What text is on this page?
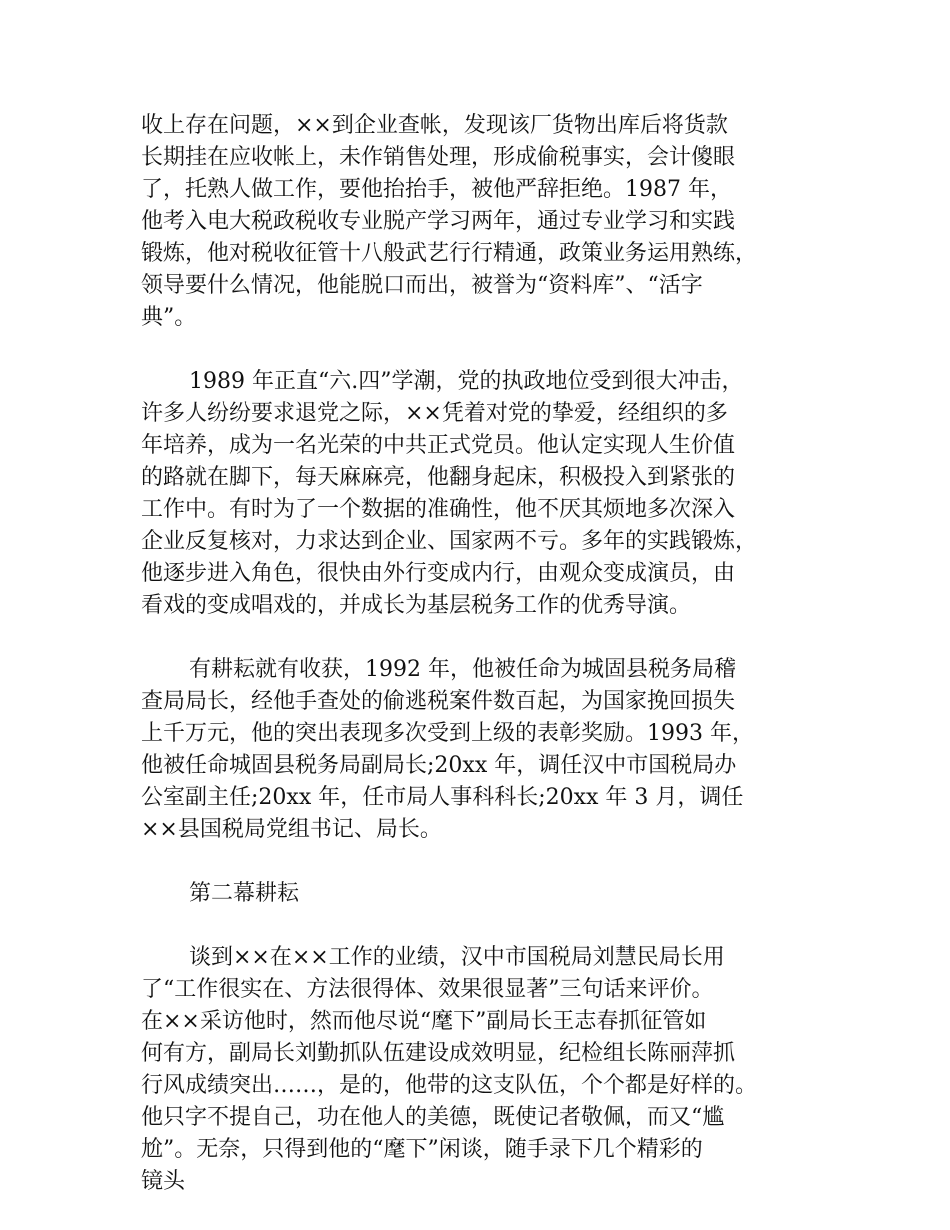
收上存在问题，××到企业查帐，发现该厂货物出库后将货款
长期挂在应收帐上，未作销售处理，形成偷税事实，会计傻眼
了，托熟人做工作，要他抬抬手，被他严辞拒绝。1987 年，
他考入电大税政税收专业脱产学习两年，通过专业学习和实践
锻炼，他对税收征管十八般武艺行行精通，政策业务运用熟练，
领导要什么情况，他能脱口而出，被誉为“资料库”、“活字
典”。
1989 年正直“六.四”学潮，党的执政地位受到很大冲击，
许多人纷纷要求退党之际，××凭着对党的挚爱，经组织的多
年培养，成为一名光荣的中共正式党员。他认定实现人生价值
的路就在脚下，每天麻麻亮，他翻身起床，积极投入到紧张的
工作中。有时为了一个数据的准确性，他不厌其烦地多次深入
企业反复核对，力求达到企业、国家两不亏。多年的实践锻炼，
他逐步进入角色，很快由外行变成内行，由观众变成演员，由
看戏的变成唱戏的，并成长为基层税务工作的优秀导演。
有耕耘就有收获，1992 年，他被任命为城固县税务局稽
查局局长，经他手查处的偷逃税案件数百起，为国家挽回损失
上千万元，他的突出表现多次受到上级的表彰奖励。1993 年，
他被任命城固县税务局副局长;20xx 年，调任汉中市国税局办
公室副主任;20xx 年，任市局人事科科长;20xx 年 3 月，调任
××县国税局党组书记、局长。
第二幕耕耘
谈到××在××工作的业绩，汉中市国税局刘慧民局长用
了“工作很实在、方法很得体、效果很显著”三句话来评价。
在××采访他时，然而他尽说“麾下”副局长王志春抓征管如
何有方，副局长刘勤抓队伍建设成效明显，纪检组长陈丽萍抓
行风成绩突出……，是的，他带的这支队伍，个个都是好样的。
他只字不提自己，功在他人的美德，既使记者敬佩，而又“尴
尬”。无奈，只得到他的“麾下”闲谈，随手录下几个精彩的
镜头
